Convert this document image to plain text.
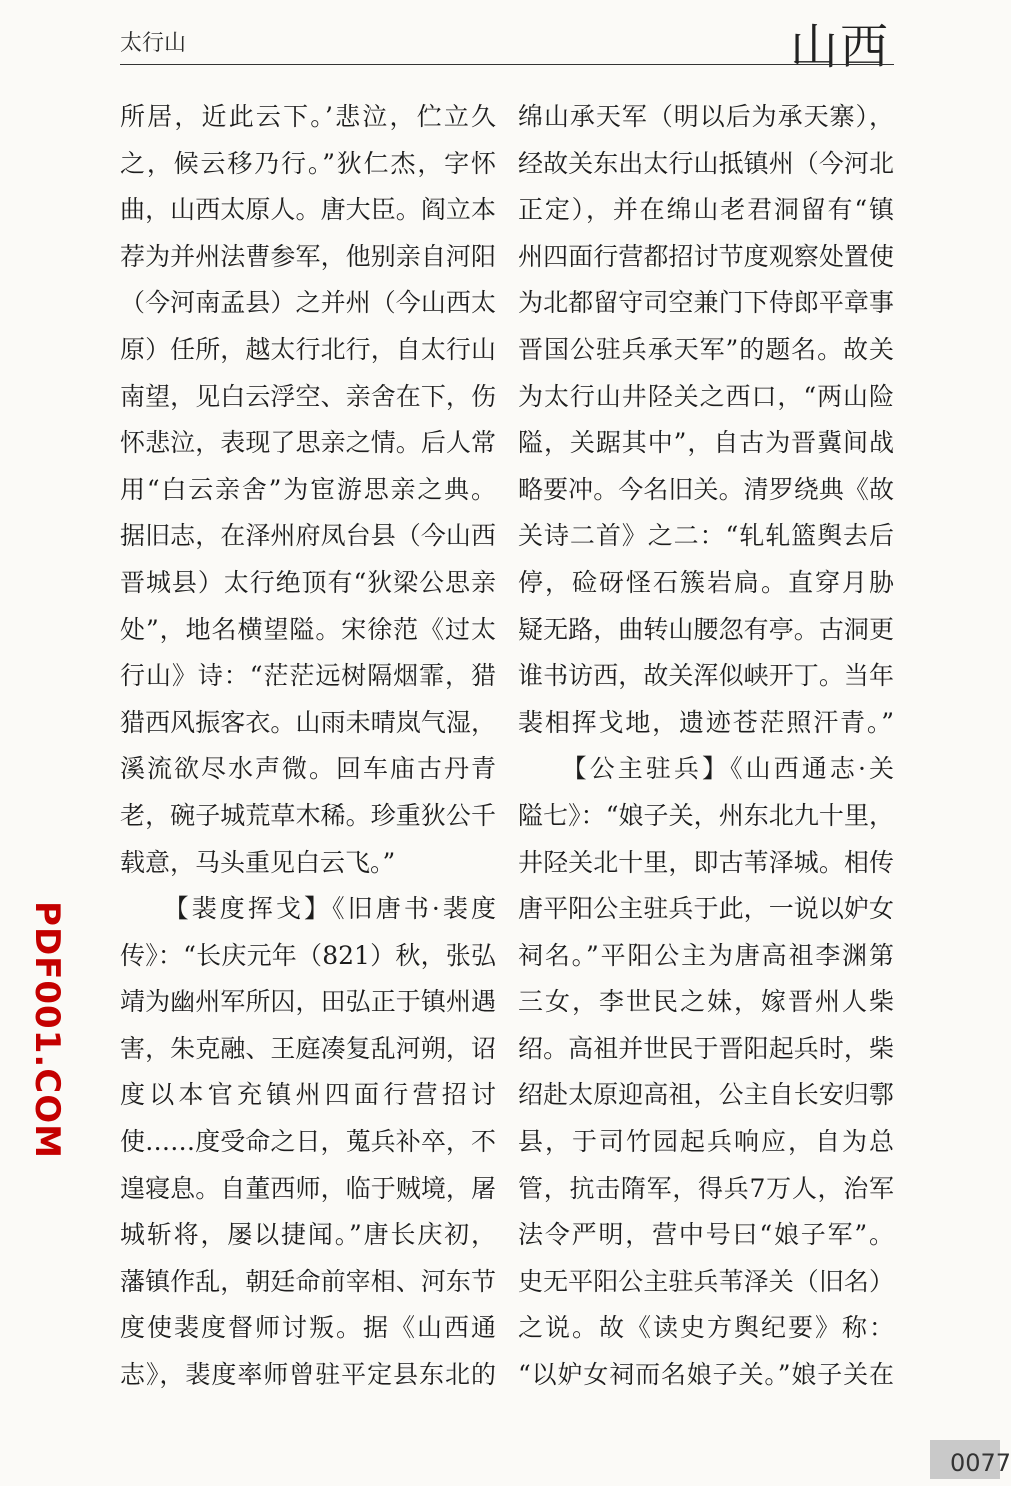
太行山	山西
所居，近此云下。’悲泣，伫立久
之，候云移乃行。”狄仁杰，字怀
曲，山西太原人。唐大臣。阎立本
荐为并州法曹参军，他别亲自河阳
（今河南孟县）之并州（今山西太
原）任所，越太行北行，自太行山
南望，见白云浮空、亲舍在下，伤
怀悲泣，表现了思亲之情。后人常
用“白云亲舍”为宦游思亲之典。
据旧志，在泽州府凤台县（今山西
晋城县）太行绝顶有“狄梁公思亲
处”，地名横望隘。宋徐范《过太
行山》诗：“茫茫远树隔烟霏，猎
猎西风振客衣。山雨未晴岚气湿，
溪流欲尽水声微。回车庙古丹青
老，碗子城荒草木稀。珍重狄公千
载意，马头重见白云飞。”
　　【裴度挥戈】《旧唐书·裴度
传》：“长庆元年（821）秋，张弘
靖为幽州军所囚，田弘正于镇州遇
害，朱克融、王庭凑复乱河朔，诏
度以本官充镇州四面行营招讨
使……度受命之日，蒐兵补卒，不
遑寝息。自董西师，临于贼境，屠
城斩将，屡以捷闻。”唐长庆初，
藩镇作乱，朝廷命前宰相、河东节
度使裴度督师讨叛。据《山西通
志》，裴度率师曾驻平定县东北的
绵山承天军（明以后为承天寨），
经故关东出太行山抵镇州（今河北
正定），并在绵山老君洞留有“镇
州四面行营都招讨节度观察处置使
为北都留守司空兼门下侍郎平章事
晋国公驻兵承天军”的题名。故关
为太行山井陉关之西口，“两山险
隘，关踞其中”，自古为晋冀间战
略要冲。今名旧关。清罗绕典《故
关诗二首》之二：“轧轧篮舆去后
停，硷砑怪石簇岩扃。直穿月胁
疑无路，曲转山腰忽有亭。古洞更
谁书访西，故关浑似峡开丁。当年
裴相挥戈地，遗迹苍茫照汗青。”
　　【公主驻兵】《山西通志·关
隘七》：“娘子关，州东北九十里，
井陉关北十里，即古苇泽城。相传
唐平阳公主驻兵于此，一说以妒女
祠名。”平阳公主为唐高祖李渊第
三女，李世民之妹，嫁晋州人柴
绍。高祖并世民于晋阳起兵时，柴
绍赴太原迎高祖，公主自长安归鄠
县，于司竹园起兵响应，自为总
管，抗击隋军，得兵7万人，治军
法令严明，营中号曰“娘子军”。
史无平阳公主驻兵苇泽关（旧名）
之说。故《读史方舆纪要》称：
“以妒女祠而名娘子关。”娘子关在
PDF001.COM
0077
